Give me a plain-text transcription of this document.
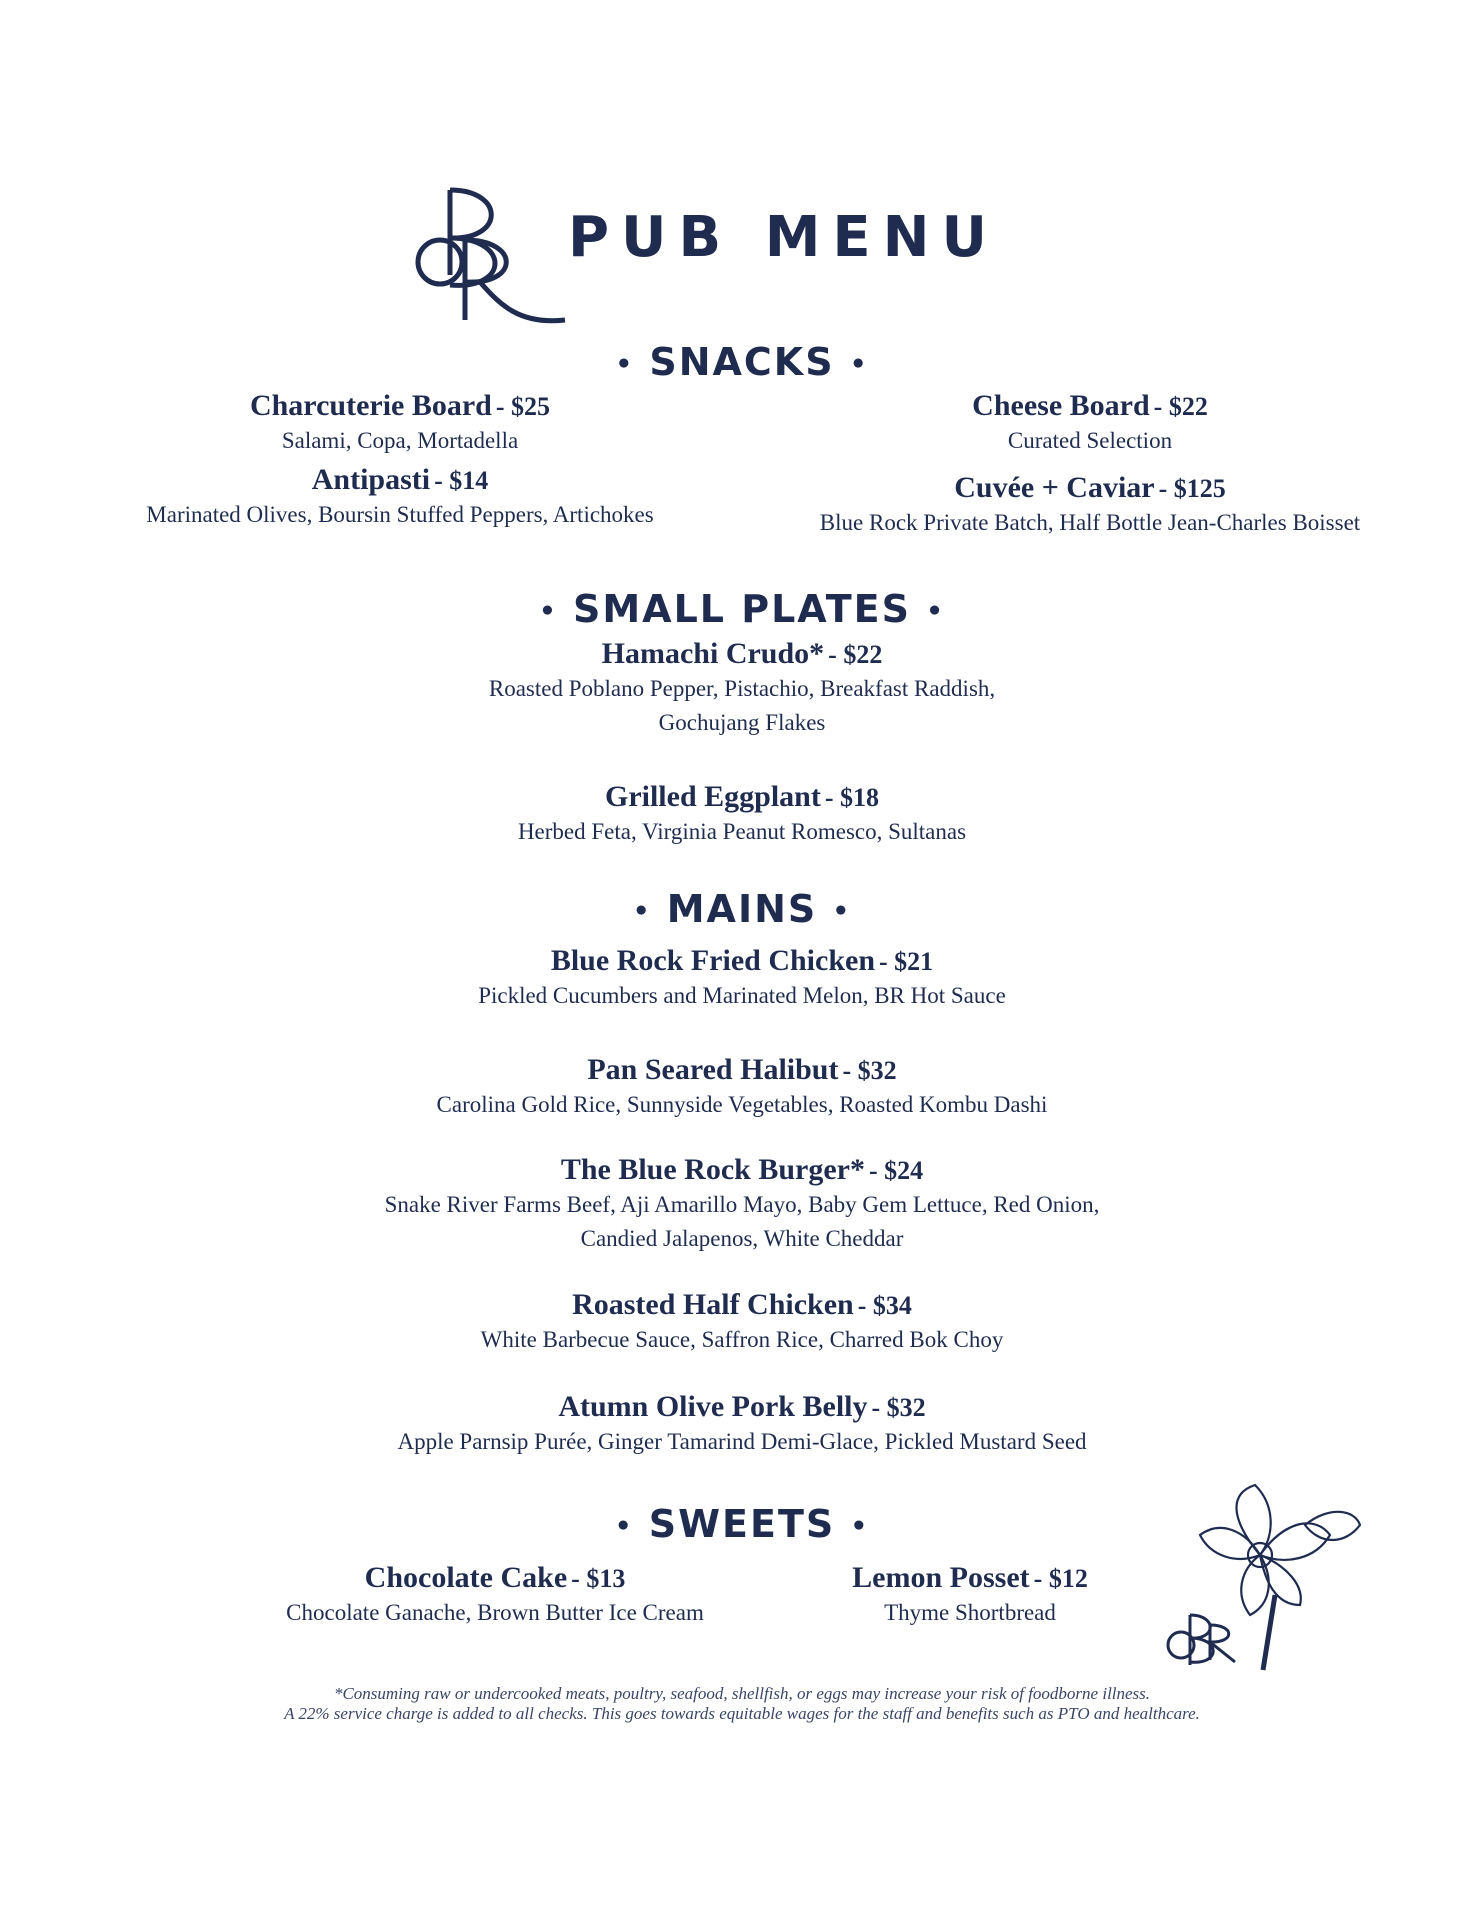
PUB MENU
• SNACKS •
Charcuterie Board - $25
Salami, Copa, Mortadella
Antipasti - $14
Marinated Olives, Boursin Stuffed Peppers, Artichokes
Cheese Board - $22
Curated Selection
Cuvée + Caviar - $125
Blue Rock Private Batch, Half Bottle Jean-Charles Boisset
• SMALL PLATES •
Hamachi Crudo* - $22
Roasted Poblano Pepper, Pistachio, Breakfast Raddish,
Gochujang Flakes
Grilled Eggplant - $18
Herbed Feta, Virginia Peanut Romesco, Sultanas
• MAINS •
Blue Rock Fried Chicken - $21
Pickled Cucumbers and Marinated Melon, BR Hot Sauce
Pan Seared Halibut - $32
Carolina Gold Rice, Sunnyside Vegetables, Roasted Kombu Dashi
The Blue Rock Burger* - $24
Snake River Farms Beef, Aji Amarillo Mayo, Baby Gem Lettuce, Red Onion,
Candied Jalapenos, White Cheddar
Roasted Half Chicken - $34
White Barbecue Sauce, Saffron Rice, Charred Bok Choy
Atumn Olive Pork Belly - $32
Apple Parnsip Purée, Ginger Tamarind Demi-Glace, Pickled Mustard Seed
• SWEETS •
Chocolate Cake - $13
Chocolate Ganache, Brown Butter Ice Cream
Lemon Posset - $12
Thyme Shortbread
*Consuming raw or undercooked meats, poultry, seafood, shellfish, or eggs may increase your risk of foodborne illness.
A 22% service charge is added to all checks. This goes towards equitable wages for the staff and benefits such as PTO and healthcare.
